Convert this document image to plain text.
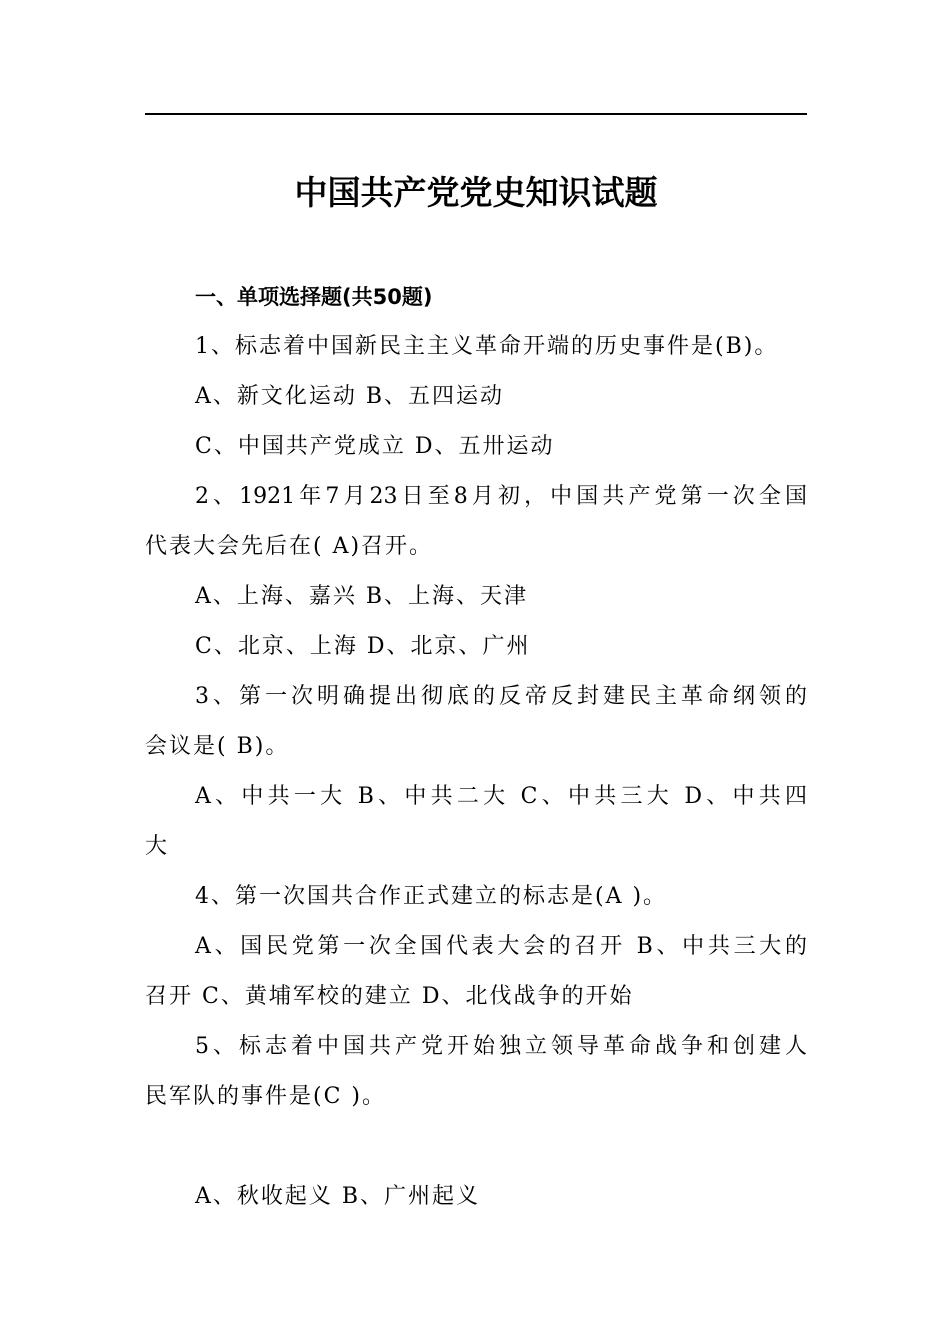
中国共产党党史知识试题
一、单项选择题(共50题)
1、标志着中国新民主主义革命开端的历史事件是(B)。
A、新文化运动 B、五四运动
C、中国共产党成立 D、五卅运动
2、1921年7月23日至8月初，中国共产党第一次全国
代表大会先后在( A)召开。
A、上海、嘉兴 B、上海、天津
C、北京、上海 D、北京、广州
3、第一次明确提出彻底的反帝反封建民主革命纲领的
会议是( B)。
A、中共一大 B、中共二大 C、中共三大 D、中共四
大
4、第一次国共合作正式建立的标志是(A )。
A、国民党第一次全国代表大会的召开 B、中共三大的
召开 C、黄埔军校的建立 D、北伐战争的开始
5、标志着中国共产党开始独立领导革命战争和创建人
民军队的事件是(C )。
A、秋收起义 B、广州起义
